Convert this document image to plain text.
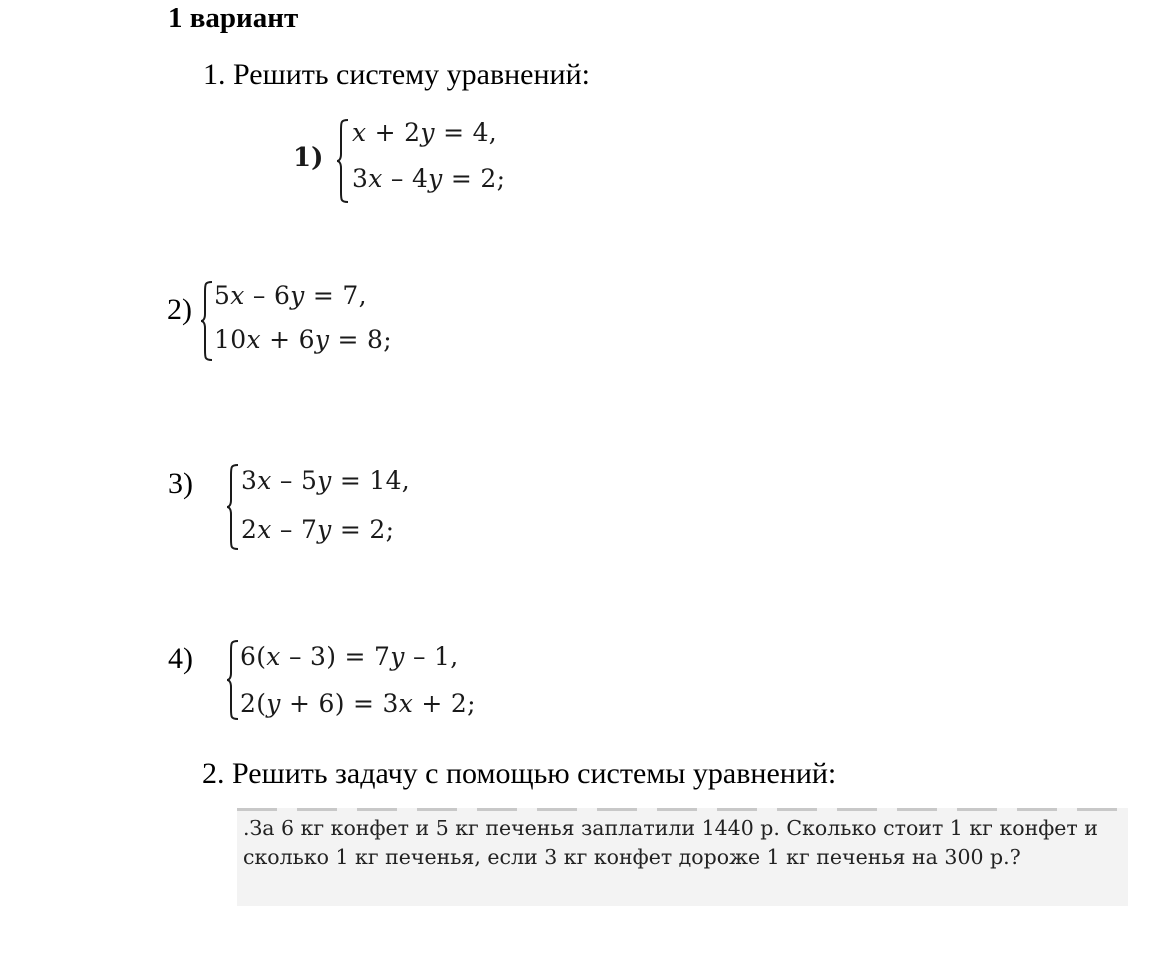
1 вариант
1. Решить систему уравнений:
1)
x + 2y = 4,
3x – 4y = 2;
2) 5x – 6y = 7,
10x + 6y = 8;
3) 3x – 5y = 14,
2x – 7y = 2;
4) 6(x – 3) = 7y – 1,
2(y + 6) = 3x + 2;
2. Решить задачу с помощью системы уравнений:
.За 6 кг конфет и 5 кг печенья заплатили 1440 р. Сколько стоит 1 кг конфет и сколько 1 кг печенья, если 3 кг конфет дороже 1 кг печенья на 300 р.?
